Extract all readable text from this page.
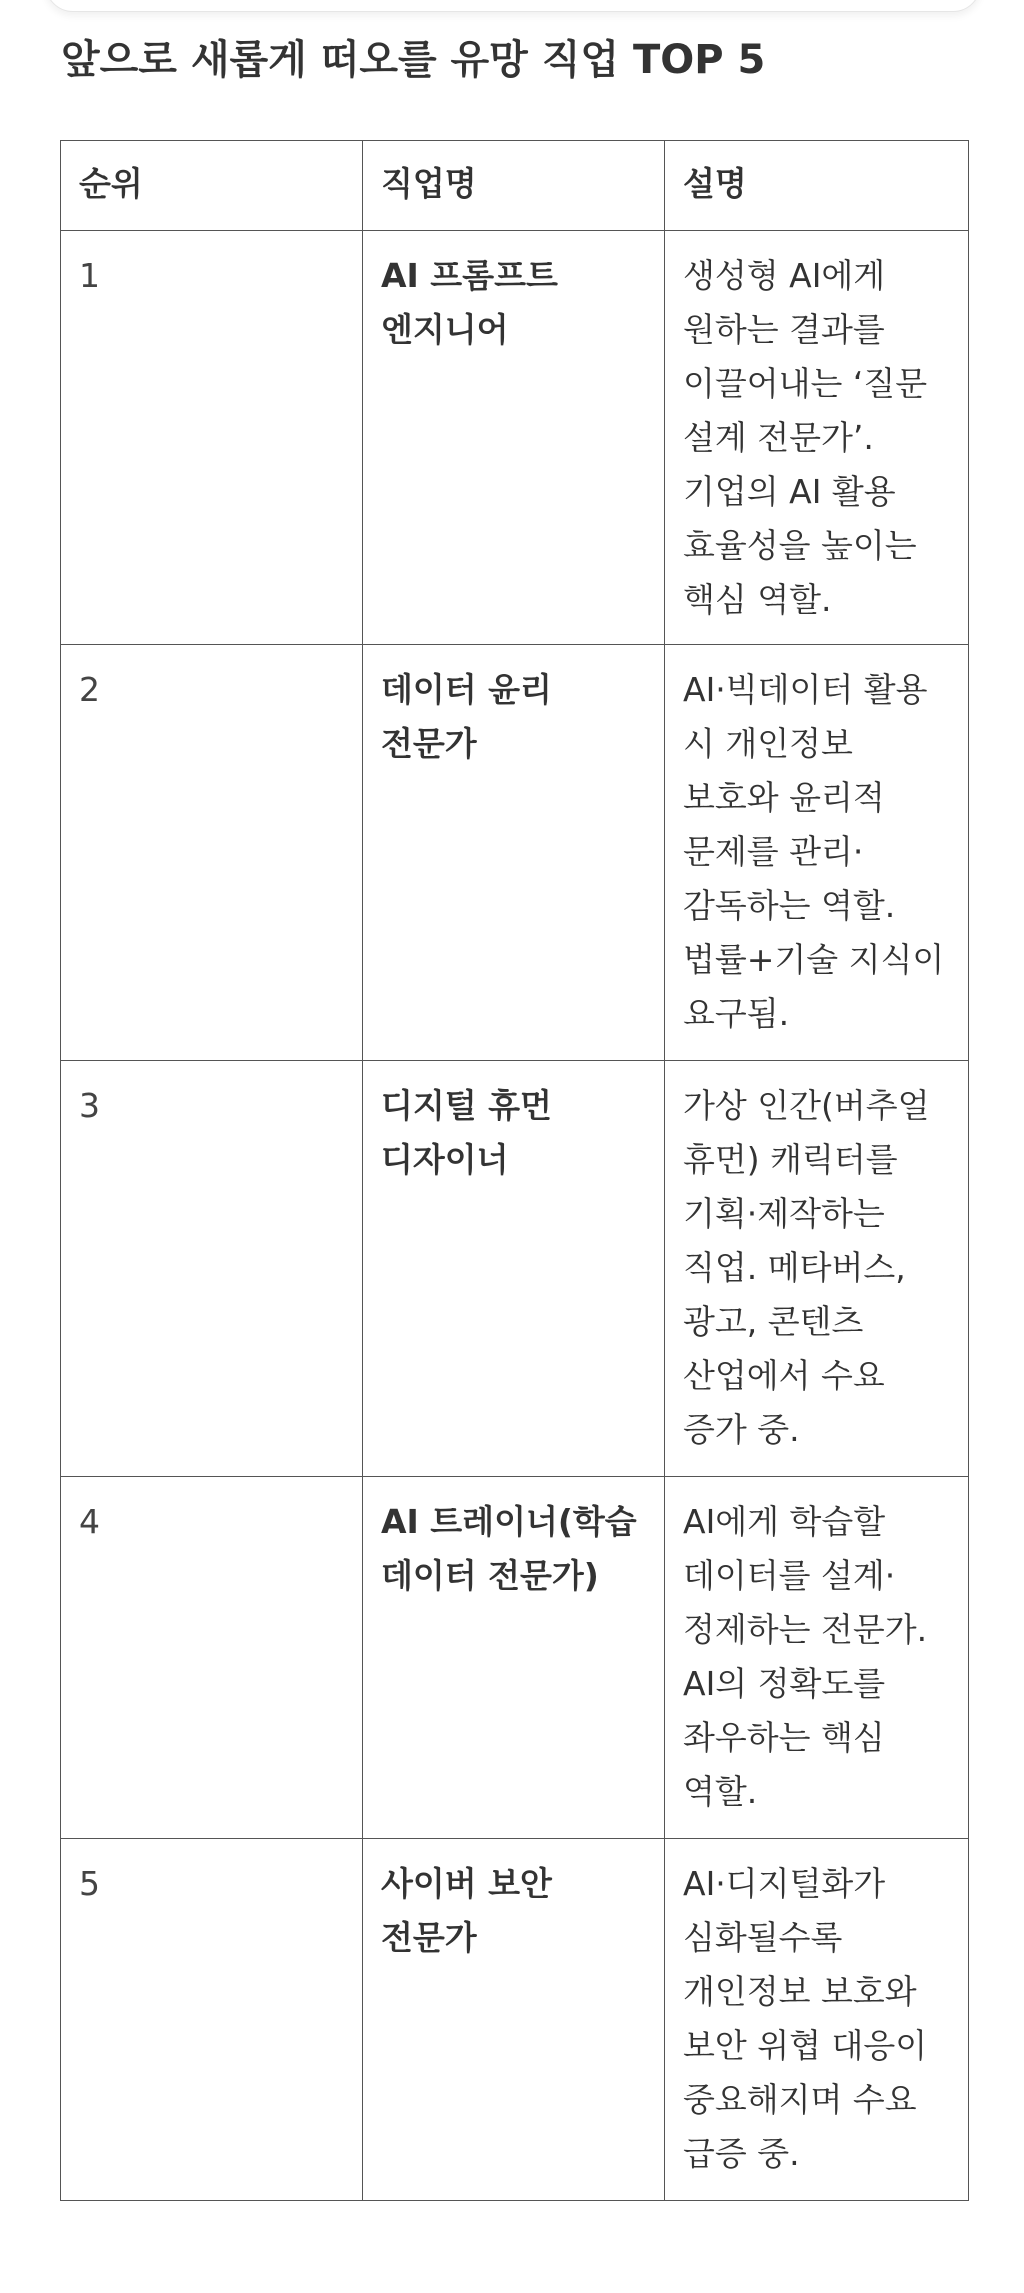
앞으로 새롭게 떠오를 유망 직업 TOP 5
순위	직업명	설명
1	AI 프롬프트 엔지니어	생성형 AI에게 원하는 결과를 이끌어내는 ‘질문 설계 전문가’. 기업의 AI 활용 효율성을 높이는 핵심 역할.
2	데이터 윤리 전문가	AI·빅데이터 활용 시 개인정보 보호와 윤리적 문제를 관리·감독하는 역할. 법률+기술 지식이 요구됨.
3	디지털 휴먼 디자이너	가상 인간(버추얼 휴먼) 캐릭터를 기획·제작하는 직업. 메타버스, 광고, 콘텐츠 산업에서 수요 증가 중.
4	AI 트레이너(학습 데이터 전문가)	AI에게 학습할 데이터를 설계·정제하는 전문가. AI의 정확도를 좌우하는 핵심 역할.
5	사이버 보안 전문가	AI·디지털화가 심화될수록 개인정보 보호와 보안 위협 대응이 중요해지며 수요 급증 중.
